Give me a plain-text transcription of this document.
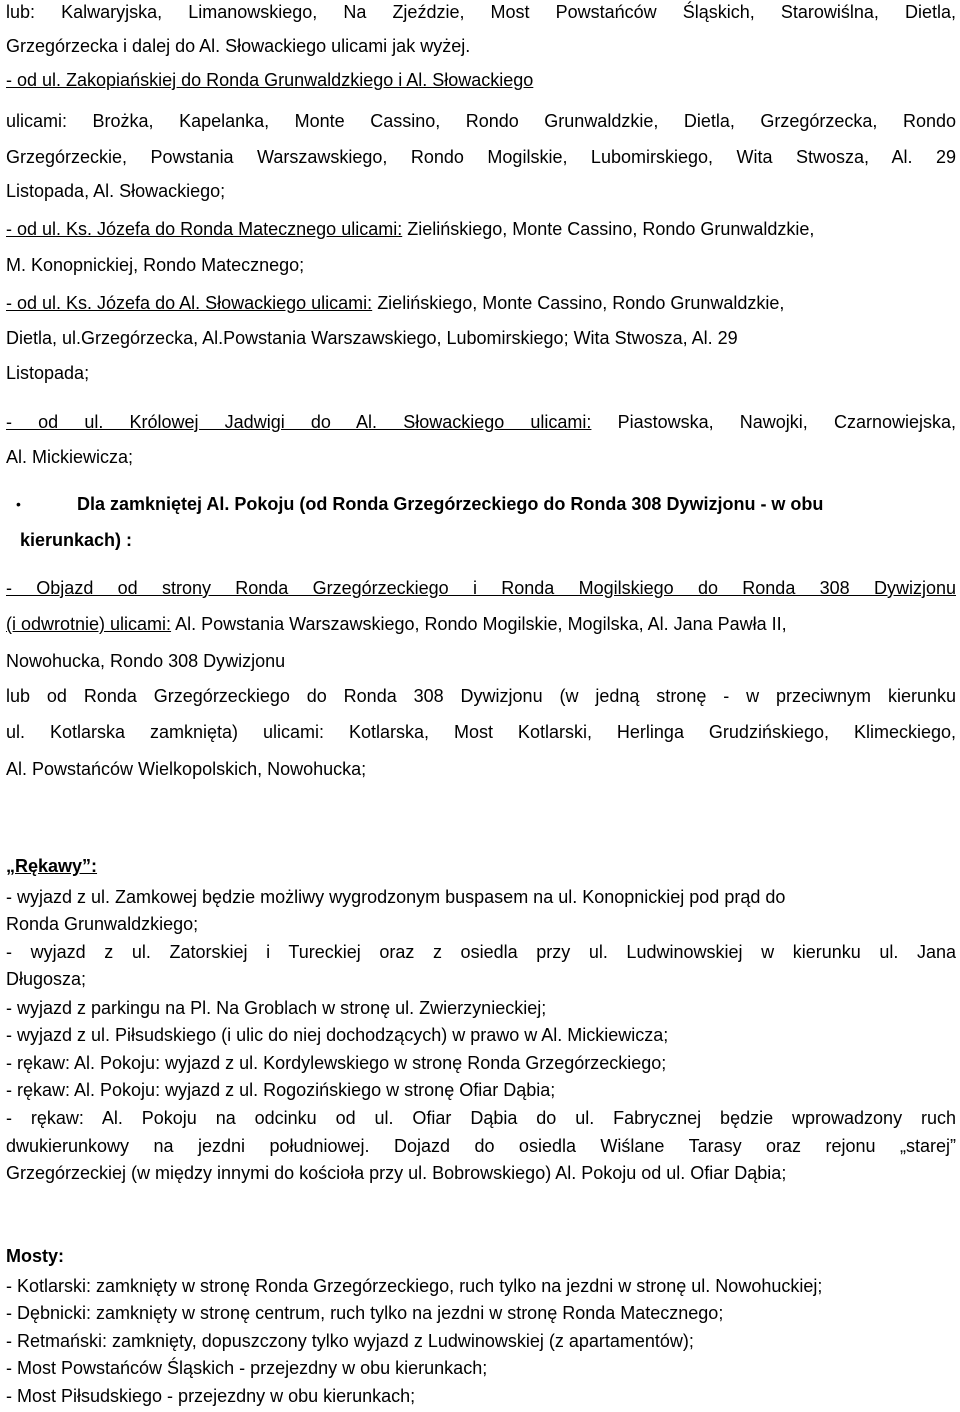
lub: Kalwaryjska, Limanowskiego, Na Zjeździe, Most Powstańców Śląskich, Starowiślna, Dietla,
Grzegórzecka i dalej do Al. Słowackiego ulicami jak wyżej.
- od ul. Zakopiańskiej do Ronda Grunwaldzkiego i Al. Słowackiego
ulicami: Brożka, Kapelanka, Monte Cassino, Rondo Grunwaldzkie, Dietla, Grzegórzecka, Rondo
Grzegórzeckie, Powstania Warszawskiego, Rondo Mogilskie, Lubomirskiego, Wita Stwosza, Al. 29
Listopada, Al. Słowackiego;
- od ul. Ks. Józefa do Ronda Matecznego ulicami: Zielińskiego, Monte Cassino, Rondo Grunwaldzkie,
M. Konopnickiej, Rondo Matecznego;
- od ul. Ks. Józefa do Al. Słowackiego ulicami: Zielińskiego, Monte Cassino, Rondo Grunwaldzkie,
Dietla, ul.Grzegórzecka, Al.Powstania Warszawskiego, Lubomirskiego; Wita Stwosza, Al. 29
Listopada;
- od ul. Królowej Jadwigi do Al. Słowackiego ulicami: Piastowska, Nawojki, Czarnowiejska,
Al. Mickiewicza;
•	Dla zamkniętej Al. Pokoju (od Ronda Grzegórzeckiego do Ronda 308 Dywizjonu - w obu
kierunkach) :
- Objazd od strony Ronda Grzegórzeckiego i Ronda Mogilskiego do Ronda 308 Dywizjonu
(i odwrotnie) ulicami: Al. Powstania Warszawskiego, Rondo Mogilskie, Mogilska, Al. Jana Pawła II,
Nowohucka, Rondo 308 Dywizjonu
lub od Ronda Grzegórzeckiego do Ronda 308 Dywizjonu (w jedną stronę - w przeciwnym kierunku
ul. Kotlarska zamknięta) ulicami: Kotlarska, Most Kotlarski, Herlinga Grudzińskiego, Klimeckiego,
Al. Powstańców Wielkopolskich, Nowohucka;
„Rękawy”:
- wyjazd z ul. Zamkowej będzie możliwy wygrodzonym buspasem na ul. Konopnickiej pod prąd do
Ronda Grunwaldzkiego;
- wyjazd z ul. Zatorskiej i Tureckiej oraz z osiedla przy ul. Ludwinowskiej w kierunku ul. Jana
Długosza;
- wyjazd z parkingu na Pl. Na Groblach w stronę ul. Zwierzynieckiej;
- wyjazd z ul. Piłsudskiego (i ulic do niej dochodzących) w prawo w Al. Mickiewicza;
- rękaw: Al. Pokoju: wyjazd z ul. Kordylewskiego w stronę Ronda Grzegórzeckiego;
- rękaw: Al. Pokoju: wyjazd z ul. Rogozińskiego w stronę Ofiar Dąbia;
- rękaw: Al. Pokoju na odcinku od ul. Ofiar Dąbia do ul. Fabrycznej będzie wprowadzony ruch
dwukierunkowy na jezdni południowej. Dojazd do osiedla Wiślane Tarasy oraz rejonu „starej”
Grzegórzeckiej (w między innymi do kościoła przy ul. Bobrowskiego) Al. Pokoju od ul. Ofiar Dąbia;
Mosty:
- Kotlarski: zamknięty w stronę Ronda Grzegórzeckiego, ruch tylko na jezdni w stronę ul. Nowohuckiej;
- Dębnicki: zamknięty w stronę centrum, ruch tylko na jezdni w stronę Ronda Matecznego;
- Retmański: zamknięty, dopuszczony tylko wyjazd z Ludwinowskiej (z apartamentów);
- Most Powstańców Śląskich - przejezdny w obu kierunkach;
- Most Piłsudskiego - przejezdny w obu kierunkach;
